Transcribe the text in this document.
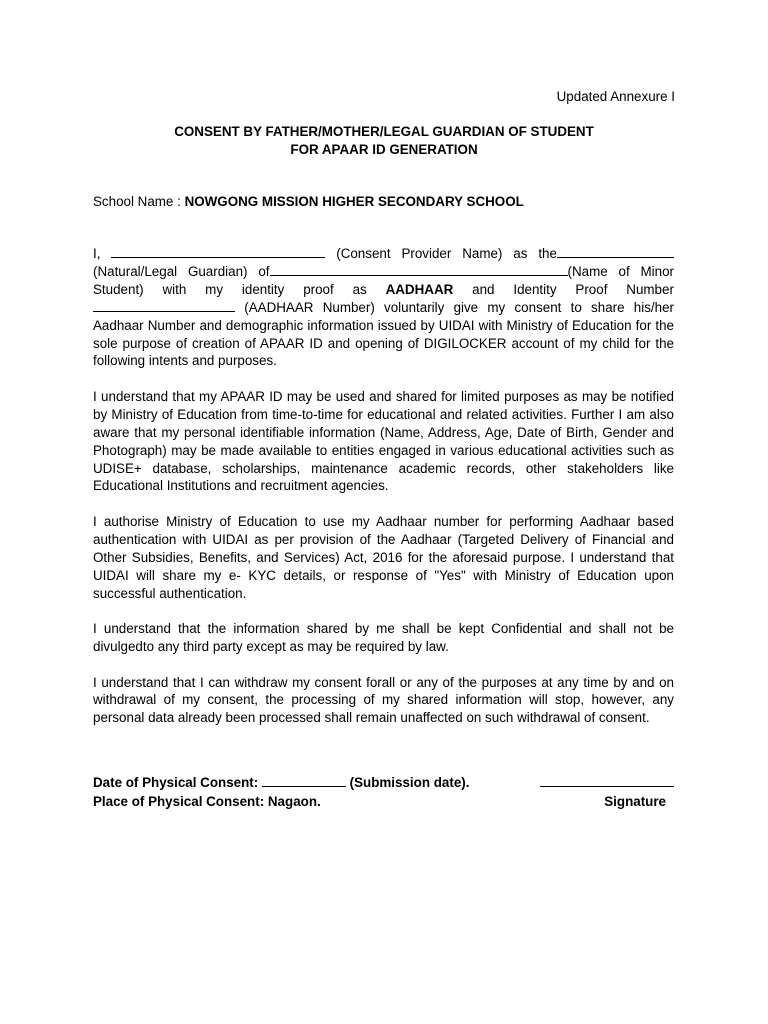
Updated Annexure I
CONSENT BY FATHER/MOTHER/LEGAL GUARDIAN OF STUDENT
FOR APAAR ID GENERATION
School Name : NOWGONG MISSION HIGHER SECONDARY SCHOOL
I,	(Consent Provider Name) as the
(Natural/Legal Guardian) of	(Name of Minor
Student) with my identity proof as AADHAAR and Identity Proof Number
(AADHAAR Number) voluntarily give my consent to share his/her Aadhaar Number and demographic information issued by UIDAI with Ministry of Education for the sole purpose of creation of APAAR ID and opening of DIGILOCKER account of my child for the following intents and purposes.
I understand that my APAAR ID may be used and shared for limited purposes as may be notified by Ministry of Education from time-to-time for educational and related activities. Further I am also aware that my personal identifiable information (Name, Address, Age, Date of Birth, Gender and Photograph) may be made available to entities engaged in various educational activities such as UDISE+ database, scholarships, maintenance academic records, other stakeholders like Educational Institutions and recruitment agencies.
I authorise Ministry of Education to use my Aadhaar number for performing Aadhaar based authentication with UIDAI as per provision of the Aadhaar (Targeted Delivery of Financial and Other Subsidies, Benefits, and Services) Act, 2016 for the aforesaid purpose. I understand that UIDAI will share my e- KYC details, or response of "Yes" with Ministry of Education upon successful authentication.
I understand that the information shared by me shall be kept Confidential and shall not be divulgedto any third party except as may be required by law.
I understand that I can withdraw my consent forall or any of the purposes at any time by and on withdrawal of my consent, the processing of my shared information will stop, however, any personal data already been processed shall remain unaffected on such withdrawal of consent.
Date of Physical Consent:	(Submission date).
Place of Physical Consent: Nagaon.	Signature
